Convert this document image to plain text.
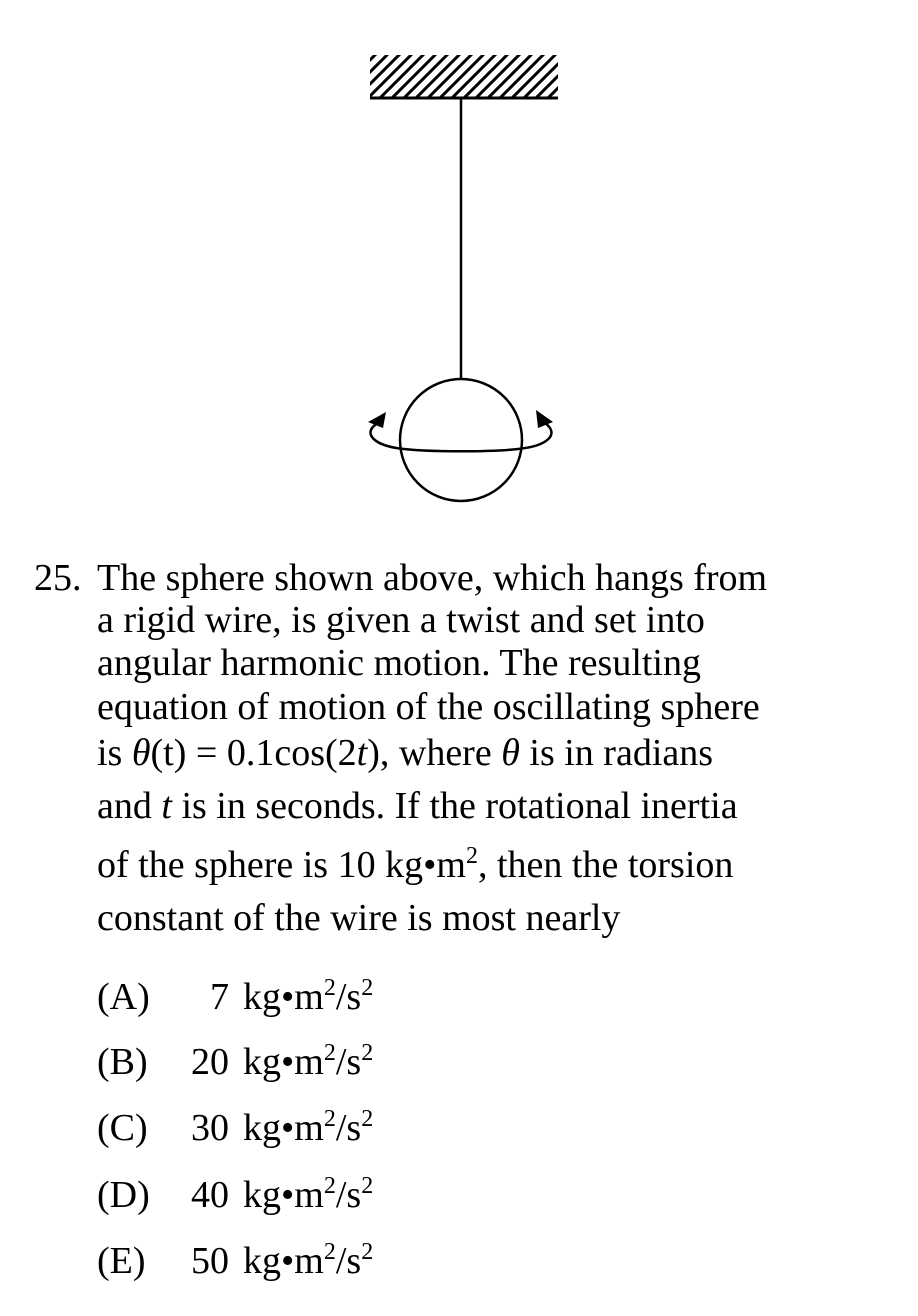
25. The sphere shown above, which hangs from
a rigid wire, is given a twist and set into
angular harmonic motion. The resulting
equation of motion of the oscillating sphere
is θ(t) = 0.1cos(2t), where θ is in radians
and t is in seconds. If the rotational inertia
of the sphere is 10 $kg•m^2$, then the torsion
constant of the wire is most nearly
(A) 7 $kg•m^2/s^2$
(B) 20 $kg•m^2/s^2$
(C) 30 $kg•m^2/s^2$
(D) 40 $kg•m^2/s^2$
(E) 50 $kg•m^2/s^2$
